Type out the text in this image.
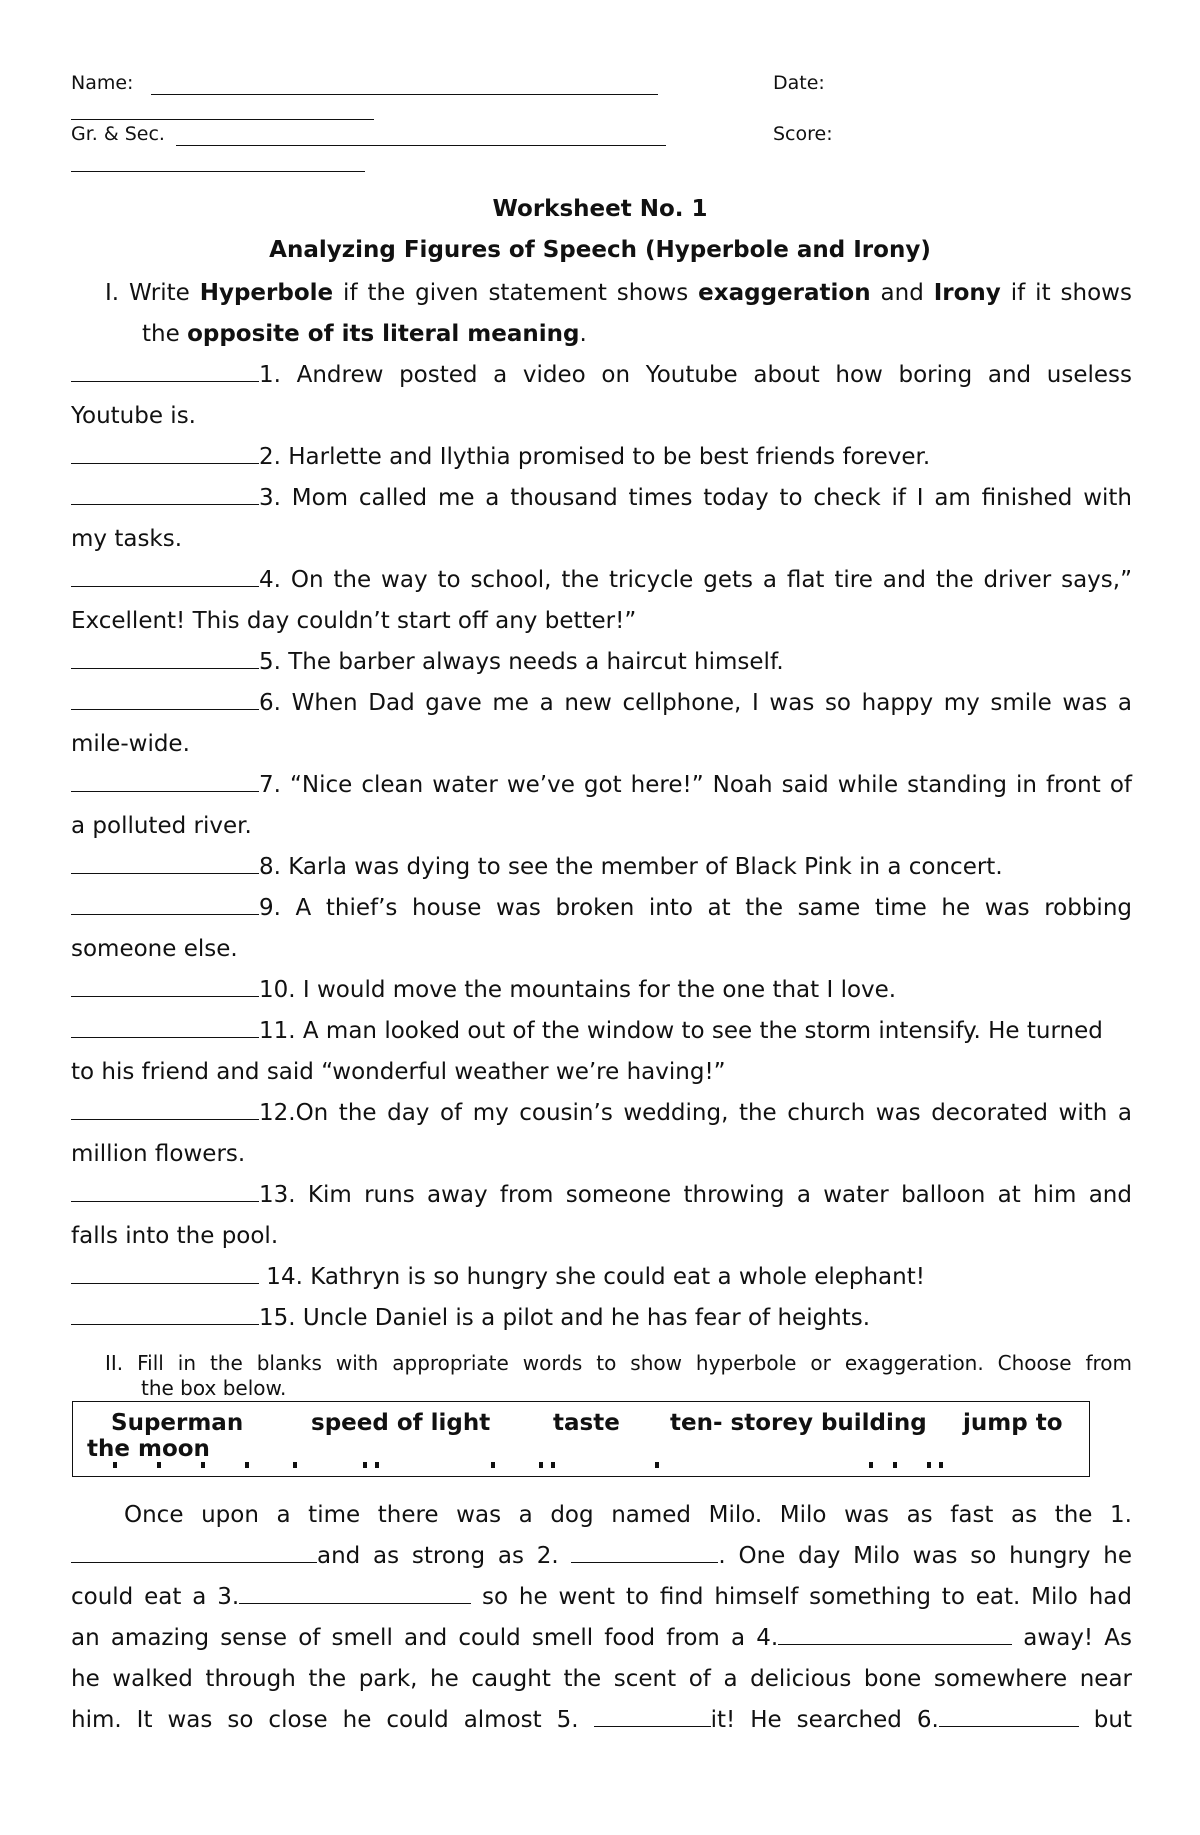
Name:	Date:
Gr. & Sec.	Score:
Worksheet No. 1
Analyzing Figures of Speech (Hyperbole and Irony)
I. Write Hyperbole if the given statement shows exaggeration and Irony if it shows
the opposite of its literal meaning.
1. Andrew posted a video on Youtube about how boring and useless
Youtube is.
2. Harlette and Ilythia promised to be best friends forever.
3. Mom called me a thousand times today to check if I am finished with
my tasks.
4. On the way to school, the tricycle gets a flat tire and the driver says,”
Excellent! This day couldn’t start off any better!”
5. The barber always needs a haircut himself.
6. When Dad gave me a new cellphone, I was so happy my smile was a
mile-wide.
7. “Nice clean water we’ve got here!” Noah said while standing in front of
a polluted river.
8. Karla was dying to see the member of Black Pink in a concert.
9. A thief’s house was broken into at the same time he was robbing
someone else.
10. I would move the mountains for the one that I love.
11. A man looked out of the window to see the storm intensify. He turned
to his friend and said “wonderful weather we’re having!”
12.On the day of my cousin’s wedding, the church was decorated with a
million flowers.
13. Kim runs away from someone throwing a water balloon at him and
falls into the pool.
14. Kathryn is so hungry she could eat a whole elephant!
15. Uncle Daniel is a pilot and he has fear of heights.
II. Fill in the blanks with appropriate words to show hyperbole or exaggeration. Choose from
the box below.
Superman	speed of light	taste ten- storey building jump to
the moon
Once upon a time there was a dog named Milo. Milo was as fast as the 1.
and as strong as 2.	. One day Milo was so hungry he
could eat a 3.	so he went to find himself something to eat. Milo had
an amazing sense of smell and could smell food from a 4.	away! As
he walked through the park, he caught the scent of a delicious bone somewhere near
him. It was so close he could almost 5.	it! He searched 6.	but
